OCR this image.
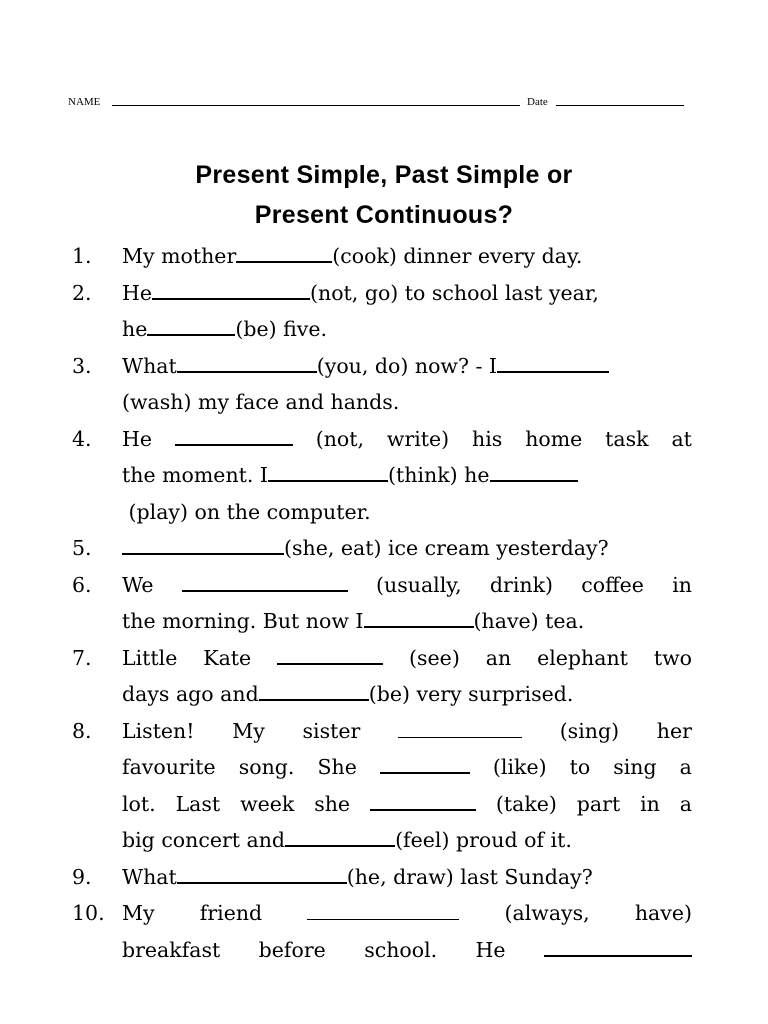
NAME	Date
Present Simple, Past Simple or
Present Continuous?
1.	My mother	(cook) dinner every day.
2.	He	(not, go) to school last year,
he	(be) five.
3.	What	(you, do) now? - I
(wash) my face and hands.
4.	He	(not, write) his home task at
the moment. I	(think) he
(play) on the computer.
5.	(she, eat) ice cream yesterday?
6.	We	(usually, drink) coffee in
the morning. But now I	(have) tea.
7.	Little Kate	(see) an elephant two
days ago and	(be) very surprised.
8.	Listen! My sister	(sing) her
favourite song. She	(like) to sing a
lot. Last week she	(take) part in a
big concert and	(feel) proud of it.
9.	What	(he, draw) last Sunday?
10. My friend	(always, have)
breakfast before school. He
